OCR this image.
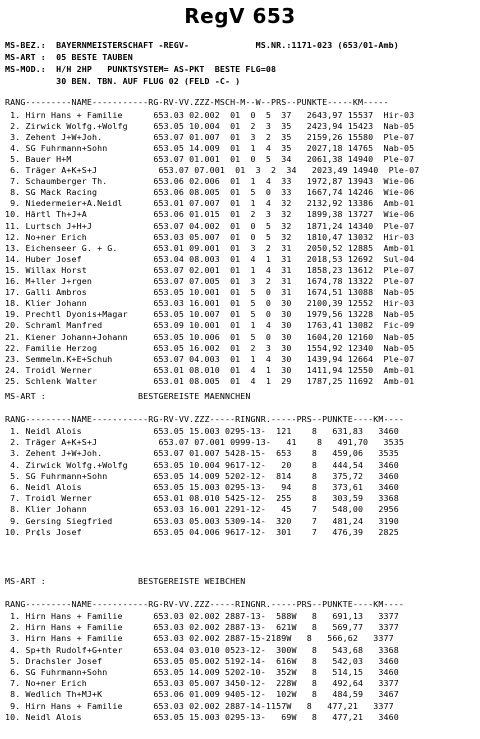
RegV 653
MS-BEZ.:  BAYERNMEISTERSCHAFT -REGV-             MS.NR.:1171-023 (653/01-Amb)
MS-ART :  05 BESTE TAUBEN
MS-MOD.:  H/H 2HP   PUNKTSYSTEM= AS-PKT  BESTE FLG=08
30 BEN. TBN. AUF FLUG 02 (FELD -C- )
RANG---------NAME-----------RG-RV-VV.ZZZ-MSCH-M--W--PRS--PUNKTE-----KM-----
1. Hirn Hans + Familie      653.03 02.002  01  0  5  37   2643,97 15537  Hir-03
2. Zirwick Wolfg.+Wolfg     653.05 10.004  01  2  3  35   2423,94 15423  Nab-05
3. Zehent J+W+Joh.          653.07 01.007  01  3  2  35   2159,26 15580  Ple-07
4. SG Fuhrmann+Sohn         653.05 14.009  01  1  4  35   2027,18 14765  Nab-05
5. Bauer H+M                653.07 01.001  01  0  5  34   2061,38 14940  Ple-07
6. Träger A+K+S+J            653.07 07.001  01  3  2  34   2023,49 14940  Ple-07
7. Schaumberger Th.         653.06 02.006  01  1  4  33   1972,87 13943  Wie-06
8. SG Mack Racing           653.06 08.005  01  5  0  33   1667,74 14246  Wie-06
9. Niedermeier+A.Neidl      653.01 07.007  01  1  4  32   2132,92 13386  Amb-01
10. Härtl Th+J+A             653.06 01.015  01  2  3  32   1899,38 13727  Wie-06
11. Lurtsch J+H+J            653.07 04.002  01  0  5  32   1871,24 14340  Ple-07
12. No+ner Erich             653.03 05.007  01  0  5  32   1810,47 13032  Hir-03
13. Eichenseer G. + G.       653.01 09.001  01  3  2  31   2050,52 12885  Amb-01
14. Huber Josef              653.04 08.003  01  4  1  31   2018,53 12692  Sul-04
15. Willax Horst             653.07 02.001  01  1  4  31   1858,23 13612  Ple-07
16. M+ller J+rgen            653.07 07.005  01  3  2  31   1674,78 13322  Ple-07
17. Galli Ambros             653.05 10.001  01  5  0  31   1674,51 13088  Nab-05
18. Klier Johann             653.03 16.001  01  5  0  30   2100,39 12552  Hir-03
19. Prechtl Dyonis+Magar     653.05 10.007  01  5  0  30   1979,56 13228  Nab-05
20. Schraml Manfred          653.09 10.001  01  1  4  30   1763,41 13082  Fic-09
21. Kiener Johann+Johann     653.05 10.006  01  5  0  30   1604,20 12160  Nab-05
22. Familie Herzog           653.05 16.002  01  2  3  30   1554,92 12340  Nab-05
23. Semmelm.K+E+Schuh        653.07 04.003  01  1  4  30   1439,94 12664  Ple-07
24. Troidl Werner            653.01 08.010  01  4  1  30   1411,94 12550  Amb-01
25. Schlenk Walter           653.01 08.005  01  4  1  29   1787,25 11692  Amb-01
MS-ART :                  BESTGEREISTE MAENNCHEN
RANG---------NAME-----------RG-RV-VV.ZZZ-----RINGNR.-----PRS--PUNKTE----KM----
1. Neidl Alois              653.05 15.003 0295-13-  121    8   631,83   3460
2. Träger A+K+S+J            653.07 07.001 0999-13-   41    8   491,70   3535
3. Zehent J+W+Joh.          653.07 01.007 5428-15-  653    8   459,06   3535
4. Zirwick Wolfg.+Wolfg     653.05 10.004 9617-12-   20    8   444,54   3460
5. SG Fuhrmann+Sohn         653.05 14.009 5202-12-  814    8   375,72   3460
6. Neidl Alois              653.05 15.003 0295-13-   94    8   373,61   3460
7. Troidl Werner            653.01 08.010 5425-12-  255    8   303,59   3368
8. Klier Johann             653.03 16.001 2291-12-   45    7   548,00   2956
9. Gersing Siegfried        653.03 05.003 5309-14-  320    7   481,24   3190
10. Pr¢ls Josef              653.05 04.006 9617-12-  301    7   476,39   2825
MS-ART :                  BESTGEREISTE WEIBCHEN
RANG---------NAME-----------RG-RV-VV.ZZZ-----RINGNR.-----PRS--PUNKTE----KM----
1. Hirn Hans + Familie      653.03 02.002 2887-13-  588W   8   691,13   3377
2. Hirn Hans + Familie      653.03 02.002 2887-13-  621W   8   569,77   3377
3. Hirn Hans + Familie      653.03 02.002 2887-15-2189W   8   566,62   3377
4. Sp+th Rudolf+G+nter      653.04 03.010 0523-12-  300W   8   543,68   3368
5. Drachsler Josef          653.05 05.002 5192-14-  616W   8   542,03   3460
6. SG Fuhrmann+Sohn         653.05 14.009 5202-10-  352W   8   514,15   3460
7. No+ner Erich             653.03 05.007 3450-12-  228W   8   492,64   3377
8. Wedlich Th+MJ+K          653.06 01.009 9405-12-  102W   8   484,59   3467
9. Hirn Hans + Familie      653.03 02.002 2887-14-1157W   8   477,21   3377
10. Neidl Alois              653.05 15.003 0295-13-   69W   8   477,21   3460
